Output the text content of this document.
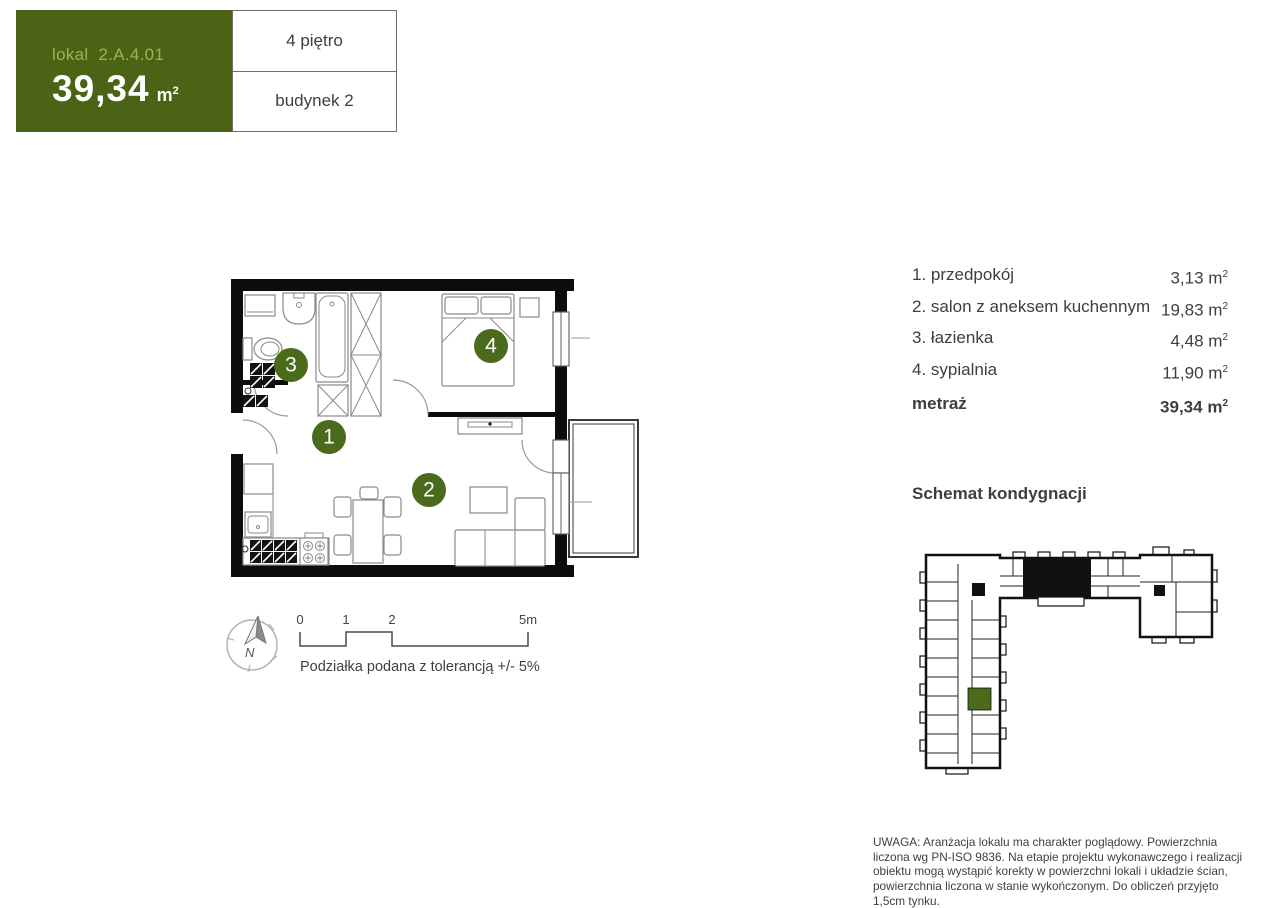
lokal 2.A.4.01
39,34 $m^2$
4 piętro
budynek 2
1
2
3
4
N
0	1	2	5m
Podziałka podana z tolerancją +/- 5%
1. przedpokój	3,13 $m^2$
2. salon z aneksem kuchennym 19,83 $m^2$
3. łazienka	4,48 $m^2$
4. sypialnia	11,90 $m^2$
metraż	39,34 $m^2$
Schemat kondygnacji
UWAGA: Aranżacja lokalu ma charakter poglądowy. Powierzchnia liczona wg PN-ISO 9836. Na etapie projektu wykonawczego i realizacji obiektu mogą wystąpić korekty w powierzchni lokali i układzie ścian, powierzchnia liczona w stanie wykończonym. Do obliczeń przyjęto 1,5cm tynku.
